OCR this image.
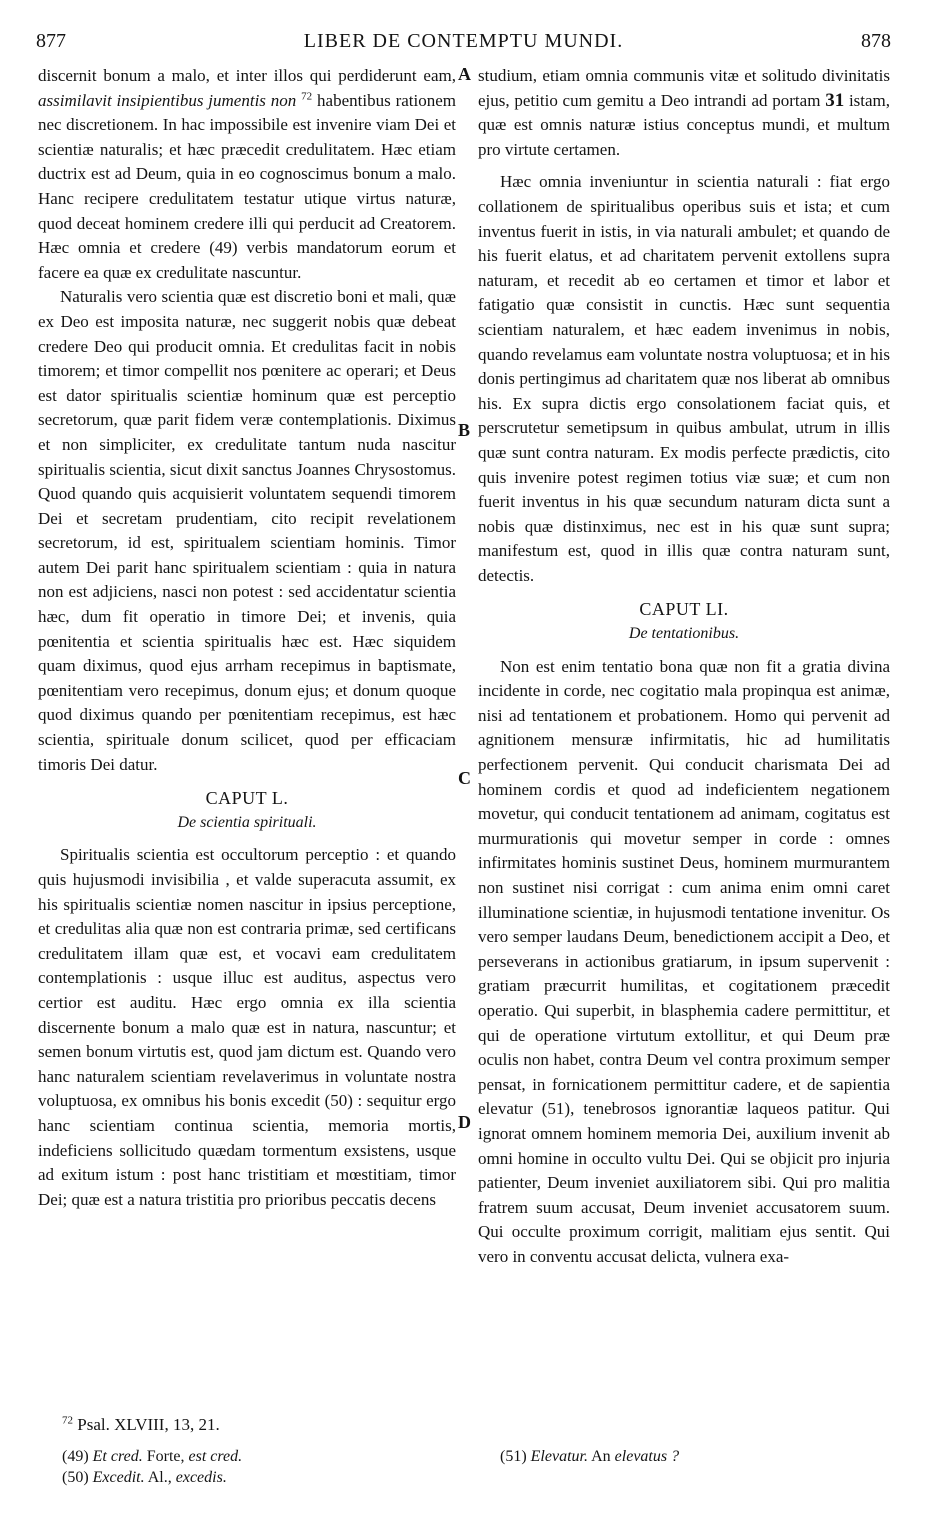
877	LIBER DE CONTEMPTU MUNDI.	878
A
B
C
D

discernit bonum a malo, et inter illos qui perdiderunt eam, assimilavit insipientibus jumentis non $^{72}$ habentibus rationem nec discretionem. In hac impossibile est invenire viam Dei et scientiæ naturalis; et hæc præcedit credulitatem. Hæc etiam ductrix est ad Deum, quia in eo cognoscimus bonum a malo. Hanc recipere credulitatem testatur utique virtus naturæ, quod deceat hominem credere illi qui perducit ad Creatorem. Hæc omnia et credere (49) verbis mandatorum eorum et facere ea quæ ex credulitate nascuntur.

Naturalis vero scientia quæ est discretio boni et mali, quæ ex Deo est imposita naturæ, nec suggerit nobis quæ debeat credere Deo qui producit omnia. Et credulitas facit in nobis timorem; et timor compellit nos pœnitere ac operari; et Deus est dator spiritualis scientiæ hominum quæ est perceptio secretorum, quæ parit fidem veræ contemplationis. Diximus et non simpliciter, ex credulitate tantum nuda nascitur spiritualis scientia, sicut dixit sanctus Joannes Chrysostomus. Quod quando quis acquisierit voluntatem sequendi timorem Dei et secretam prudentiam, cito recipit revelationem secretorum, id est, spiritualem scientiam hominis. Timor autem Dei parit hanc spiritualem scientiam : quia in natura non est adjiciens, nasci non potest : sed accidentatur scientia hæc, dum fit operatio in timore Dei; et invenis, quia pœnitentia et scientia spiritualis hæc est. Hæc siquidem quam diximus, quod ejus arrham recepimus in baptismate, pœnitentiam vero recepimus, donum ejus; et donum quoque quod diximus quando per pœnitentiam recepimus, est hæc scientia, spirituale donum scilicet, quod per efficaciam timoris Dei datur.

CAPUT L.
De scientia spirituali.

Spiritualis scientia est occultorum perceptio : et quando quis hujusmodi invisibilia , et valde superacuta assumit, ex his spiritualis scientiæ nomen nascitur in ipsius perceptione, et credulitas alia quæ non est contraria primæ, sed certificans credulitatem illam quæ est, et vocavi eam credulitatem contemplationis : usque illuc est auditus, aspectus vero certior est auditu. Hæc ergo omnia ex illa scientia discernente bonum a malo quæ est in natura, nascuntur; et semen bonum virtutis est, quod jam dictum est. Quando vero hanc naturalem scientiam revelaverimus in voluntate nostra voluptuosa, ex omnibus his bonis excedit (50) : sequitur ergo hanc scientiam continua scientia, memoria mortis, indeficiens sollicitudo quædam tormentum exsistens, usque ad exitum istum : post hanc tristitiam et mœstitiam, timor Dei; quæ est a natura tristitia pro prioribus peccatis decens

studium, etiam omnia communis vitæ et solitudo divinitatis ejus, petitio cum gemitu a Deo intrandi ad portam 31 istam, quæ est omnis naturæ istius conceptus mundi, et multum pro virtute certamen.

Hæc omnia inveniuntur in scientia naturali : fiat ergo collationem de spiritualibus operibus suis et ista; et cum inventus fuerit in istis, in via naturali ambulet; et quando de his fuerit elatus, et ad charitatem pervenit extollens supra naturam, et recedit ab eo certamen et timor et labor et fatigatio quæ consistit in cunctis. Hæc sunt sequentia scientiam naturalem, et hæc eadem invenimus in nobis, quando revelamus eam voluntate nostra voluptuosa; et in his donis pertingimus ad charitatem quæ nos liberat ab omnibus his. Ex supra dictis ergo consolationem faciat quis, et perscrutetur semetipsum in quibus ambulat, utrum in illis quæ sunt contra naturam. Ex modis perfecte prædictis, cito quis invenire potest regimen totius viæ suæ; et cum non fuerit inventus in his quæ secundum naturam dicta sunt a nobis quæ distinximus, nec est in his quæ sunt supra; manifestum est, quod in illis quæ contra naturam sunt, detectis.

CAPUT LI.
De tentationibus.

Non est enim tentatio bona quæ non fit a gratia divina incidente in corde, nec cogitatio mala propinqua est animæ, nisi ad tentationem et probationem. Homo qui pervenit ad agnitionem mensuræ infirmitatis, hic ad humilitatis perfectionem pervenit. Qui conducit charismata Dei ad hominem cordis et quod ad indeficientem negationem movetur, qui conducit tentationem ad animam, cogitatus est murmurationis qui movetur semper in corde : omnes infirmitates hominis sustinet Deus, hominem murmurantem non sustinet nisi corrigat : cum anima enim omni caret illuminatione scientiæ, in hujusmodi tentatione invenitur. Os vero semper laudans Deum, benedictionem accipit a Deo, et perseverans in actionibus gratiarum, in ipsum supervenit : gratiam præcurrit humilitas, et cogitationem præcedit operatio. Qui superbit, in blasphemia cadere permittitur, et qui de operatione virtutum extollitur, et qui Deum præ oculis non habet, contra Deum vel contra proximum semper pensat, in fornicationem permittitur cadere, et de sapientia elevatur (51), tenebrosos ignorantiæ laqueos patitur. Qui ignorat omnem hominem memoria Dei, auxilium invenit ab omni homine in occulto vultu Dei. Qui se objicit pro injuria patienter, Deum inveniet auxiliatorem sibi. Qui pro malitia fratrem suum accusat, Deum inveniet accusatorem suum. Qui occulte proximum corrigit, malitiam ejus sentit. Qui vero in conventu accusat delicta, vulnera exa-

$^{72}$ Psal. XLVIII, 13, 21.
(49) Et cred. Forte, est cred.
(50) Excedit. Al., excedis.
(51) Elevatur. An elevatus ?
